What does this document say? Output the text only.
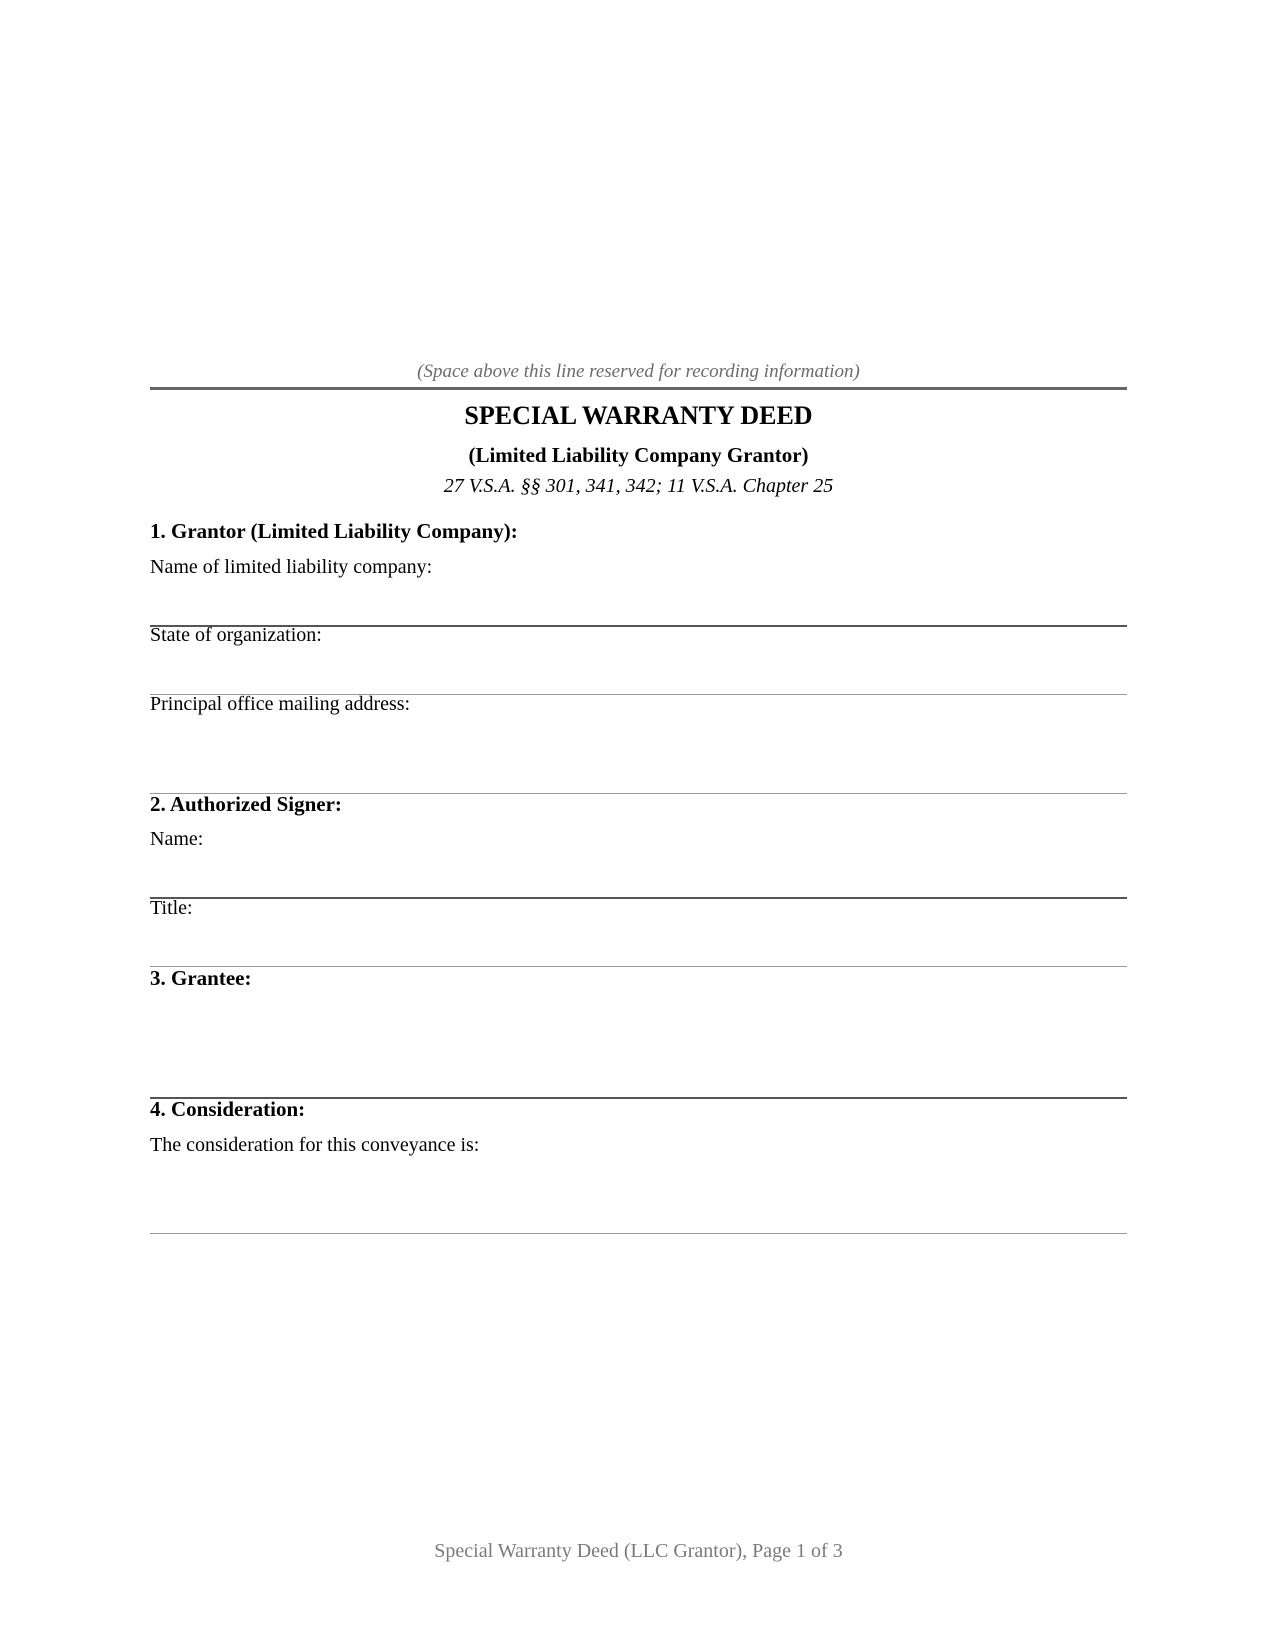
(Space above this line reserved for recording information)
SPECIAL WARRANTY DEED
(Limited Liability Company Grantor)
27 V.S.A. §§ 301, 341, 342; 11 V.S.A. Chapter 25
1. Grantor (Limited Liability Company):
Name of limited liability company:
State of organization:
Principal office mailing address:
2. Authorized Signer:
Name:
Title:
3. Grantee:
4. Consideration:
The consideration for this conveyance is:
Special Warranty Deed (LLC Grantor), Page 1 of 3
